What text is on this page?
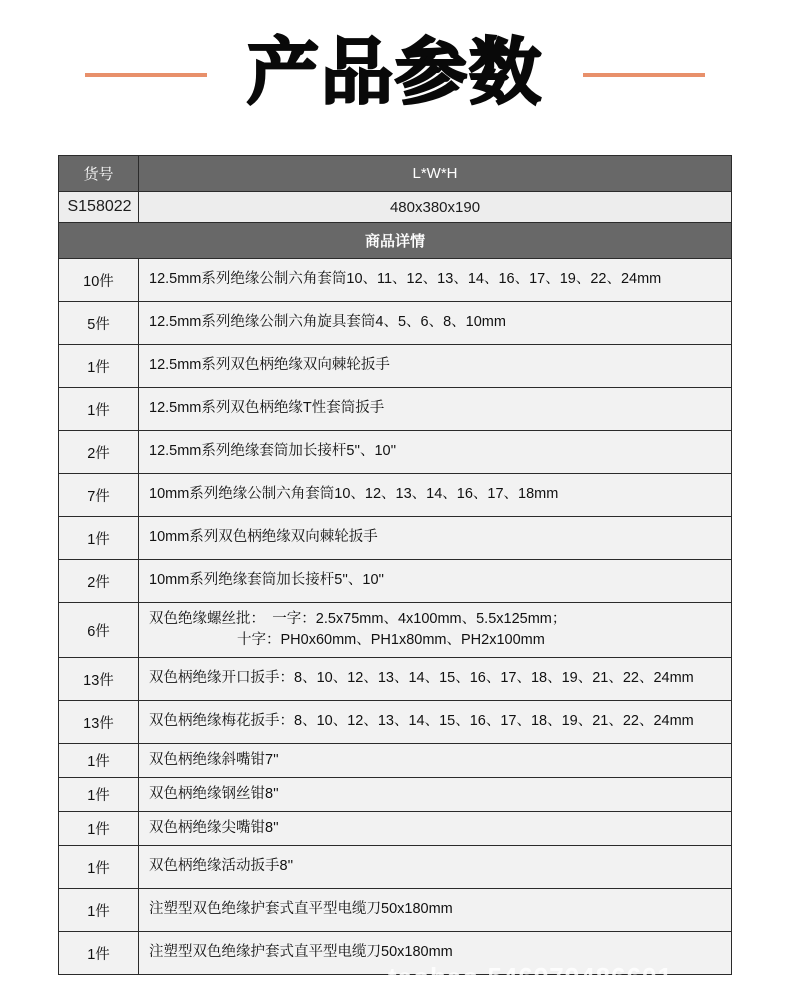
产品参数
货号	L*W*H
S158022	480x380x190
商品详情	
10件	12.5mm系列绝缘公制六角套筒10、11、12、13、14、16、17、19、22、24mm
5件	12.5mm系列绝缘公制六角旋具套筒4、5、6、8、10mm
1件	12.5mm系列双色柄绝缘双向棘轮扳手
1件	12.5mm系列双色柄绝缘T性套筒扳手
2件	12.5mm系列绝缘套筒加长接杆5''、10''
7件	10mm系列绝缘公制六角套筒10、12、13、14、16、17、18mm
1件	10mm系列双色柄绝缘双向棘轮扳手
2件	10mm系列绝缘套筒加长接杆5''、10''
6件	双色绝缘螺丝批：　一字：2.5x75mm、4x100mm、5.5x125mm；
十字：PH0x60mm、PH1x80mm、PH2x100mm

13件	双色柄绝缘开口扳手：8、10、12、13、14、15、16、17、18、19、21、22、24mm
13件	双色柄绝缘梅花扳手：8、10、12、13、14、15、16、17、18、19、21、22、24mm
1件	双色柄绝缘斜嘴钳7''
1件	双色柄绝缘钢丝钳8''
1件	双色柄绝缘尖嘴钳8''
1件	双色柄绝缘活动扳手8''
1件	注塑型双色绝缘护套式直平型电缆刀50x180mm
1件	注塑型双色绝缘护套式直平型电缆刀50x180mm
taobao 546979486601
